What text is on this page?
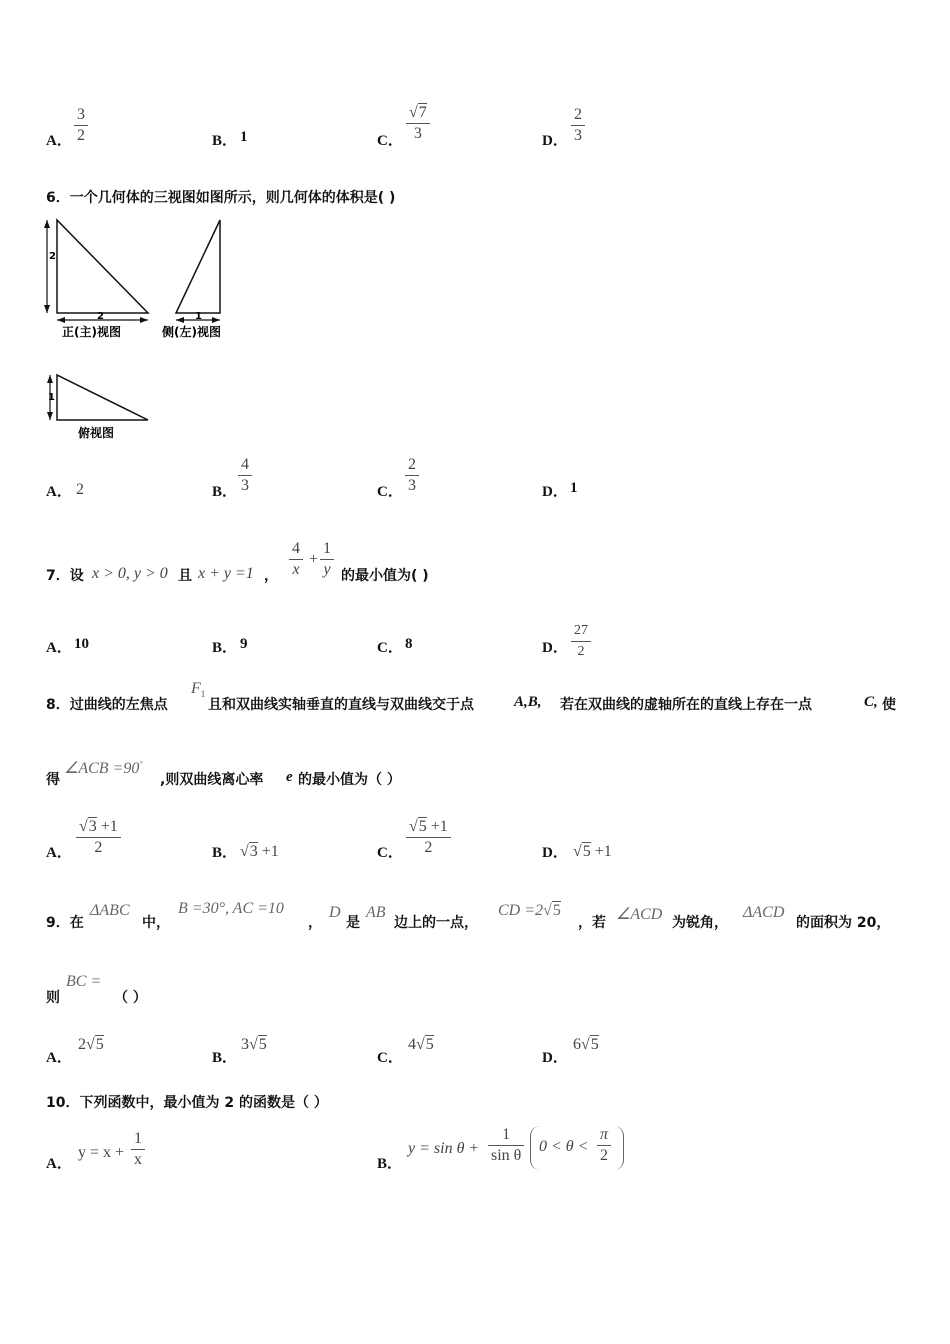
A． $\frac{3}{2}$	B． 1	C． $\frac{√7}{3}$	D． $\frac{2}{3}$
6．一个几何体的三视图如图所示，则几何体的体积是( )
2
2
正(主)视图
1
侧(左)视图
1
俯视图
A． 2	B． $\frac{4}{3}$	C． $\frac{2}{3}$	D． 1
7．设 x > 0, y > 0 且 x + y =1 ， $\frac{4}{x} + \frac{1}{y}$ 的最小值为( )
A． 10	B． 9	C． 8	D． $\frac{27}{2}$
8．过曲线的左焦点
$F_1$
且和双曲线实轴垂直的直线与双曲线交于点	A,B, 若在双曲线的虚轴所在的直线上存在一点	C, 使
得
∠ACB =90°
,则双曲线离心率 e 的最小值为（ ）
A． $\frac{√3 +1}{2}$	B． √3 +1	C． $\frac{√5 +1}{2}$	D． √5 +1
9．在
ΔABC
中，
B =30°, AC =10
，
D
是
AB
边上的一点，
CD =2√5
，若 ∠ACD 为锐角，
ΔACD
的面积为 20，
则
BC =
（ ）
A．
2√5
B．
3√5
C．
4√5
D．
6√5
10．下列函数中，最小值为 2 的函数是（ ）
A．
$y = x + \frac{1}{x}$	B．
$y = \sin \theta + \frac{1}{\text{sin θ}} 0 < \theta < \frac{\pi}{2}$
